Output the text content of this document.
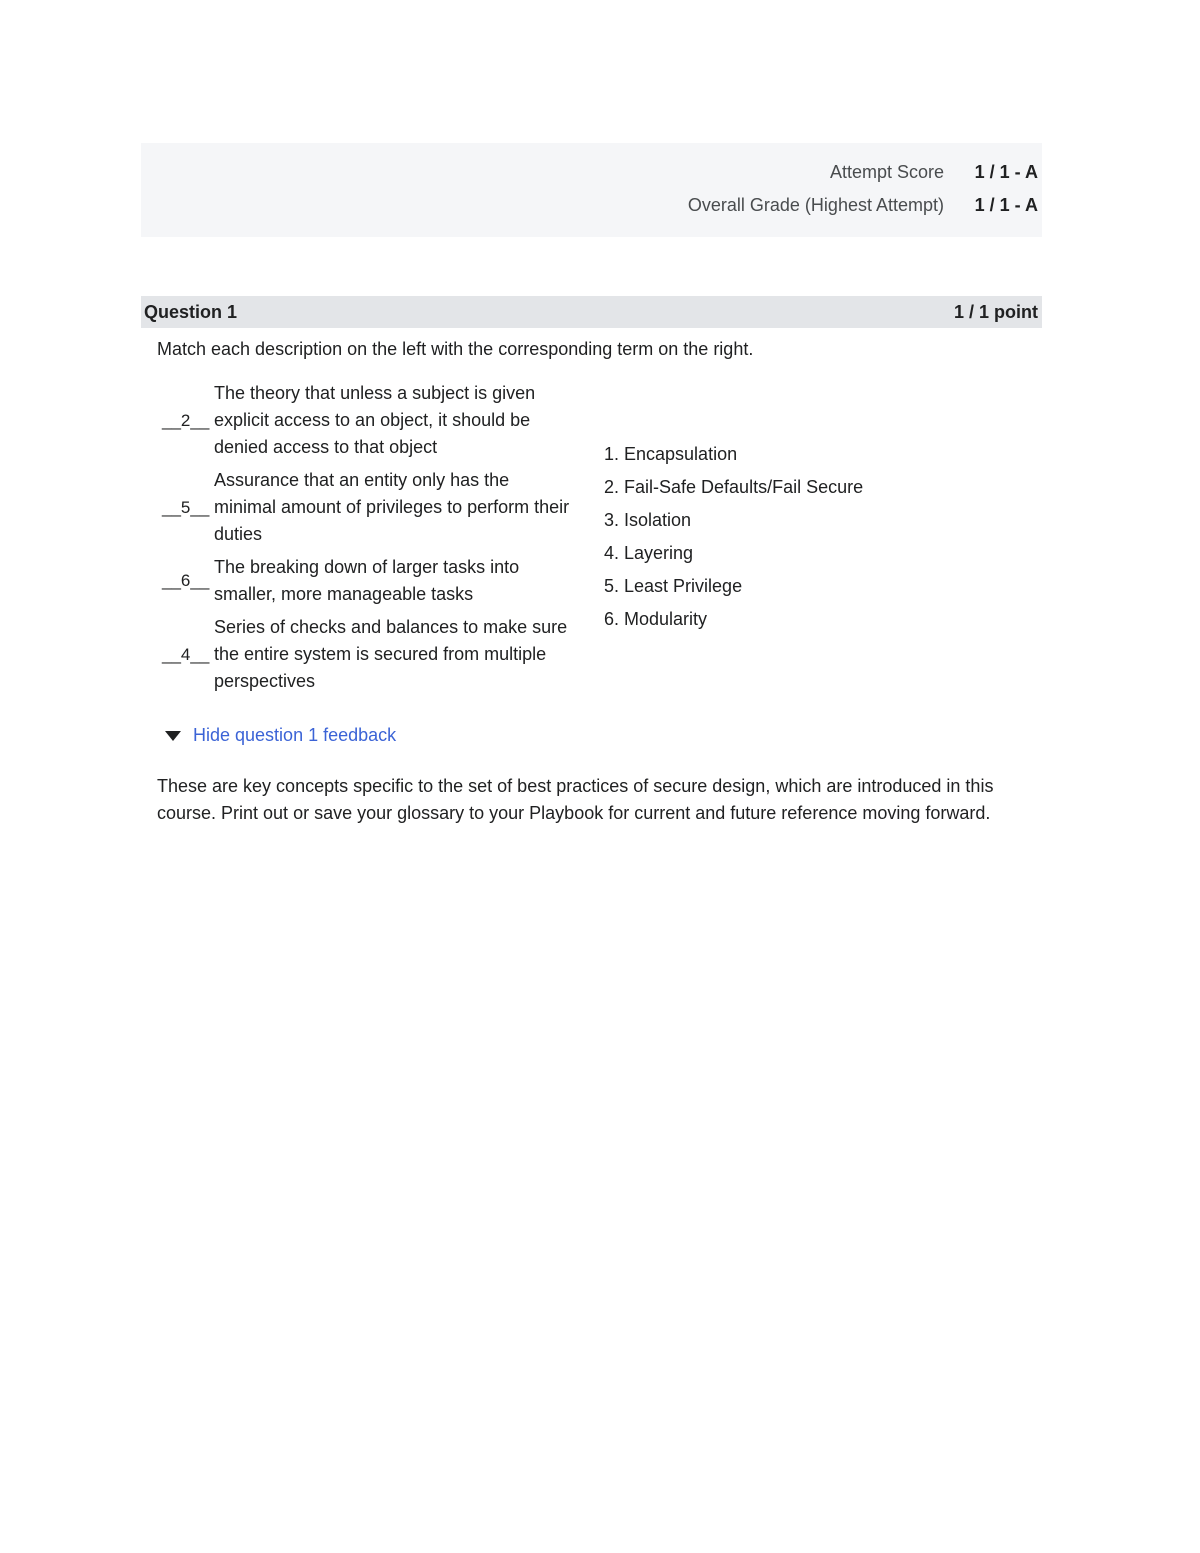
Attempt Score	1 / 1 - A
Overall Grade (Highest Attempt)	1 / 1 - A
Question 1	1 / 1 point
Match each description on the left with the corresponding term on the right.
__2__
The theory that unless a subject is given explicit access to an object, it should be denied access to that object
__5__
Assurance that an entity only has the minimal amount of privileges to perform their duties
__6__
The breaking down of larger tasks into smaller, more manageable tasks
__4__
Series of checks and balances to make sure the entire system is secured from multiple perspectives
1. Encapsulation
2. Fail-Safe Defaults/Fail Secure
3. Isolation
4. Layering
5. Least Privilege
6. Modularity
Hide question 1 feedback
These are key concepts specific to the set of best practices of secure design, which are introduced in this course. Print out or save your glossary to your Playbook for current and future reference moving forward.
